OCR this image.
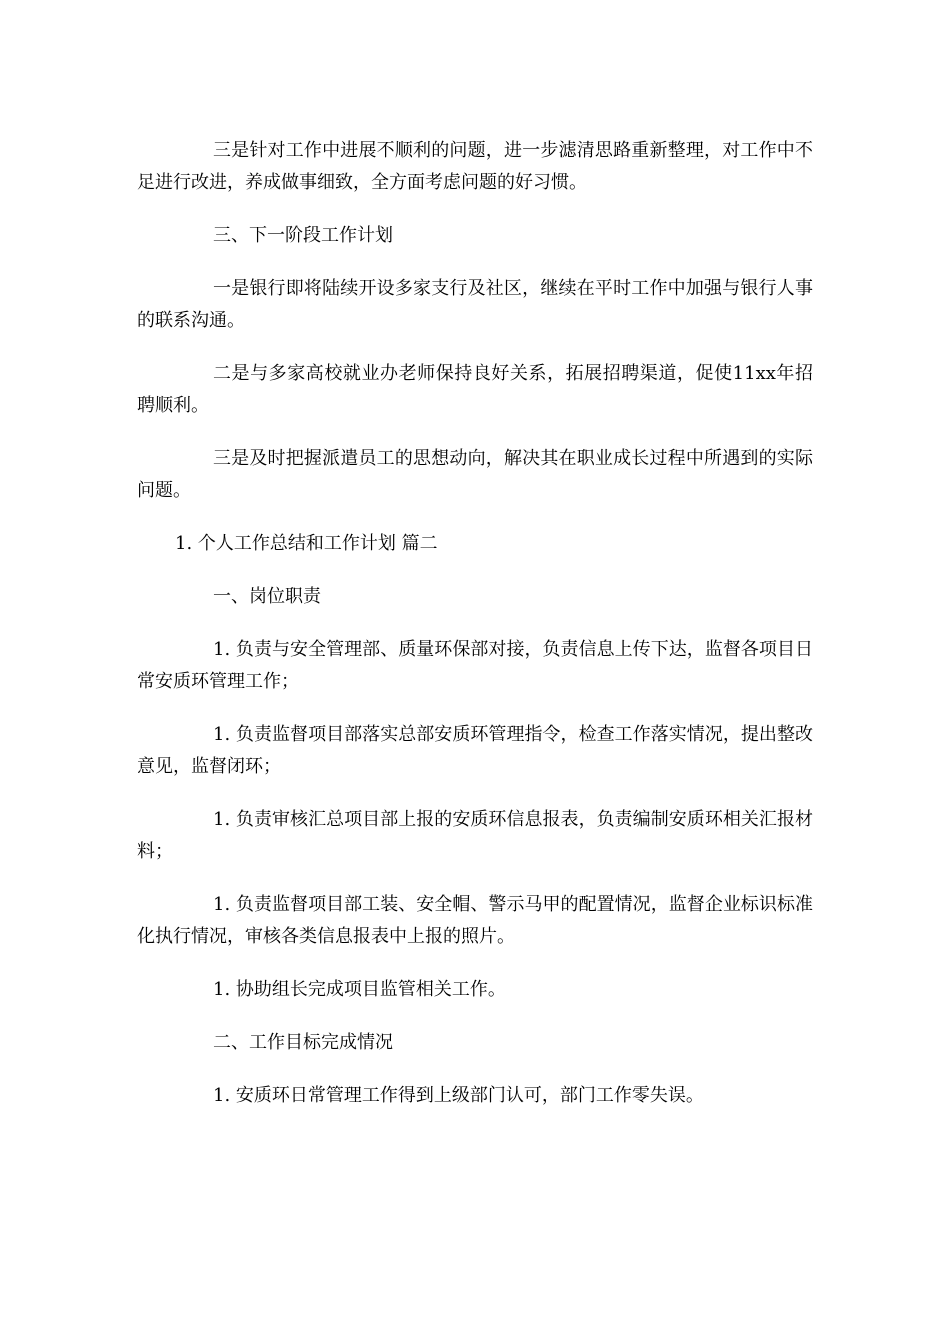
三是针对工作中进展不顺利的问题，进一步滤清思路重新整理，对工作中不足进行改进，养成做事细致，全方面考虑问题的好习惯。

三、下一阶段工作计划

一是银行即将陆续开设多家支行及社区，继续在平时工作中加强与银行人事的联系沟通。

二是与多家高校就业办老师保持良好关系，拓展招聘渠道，促使11xx年招聘顺利。

三是及时把握派遣员工的思想动向，解决其在职业成长过程中所遇到的实际问题。

1. 个人工作总结和工作计划 篇二

一、岗位职责

1. 负责与安全管理部、质量环保部对接，负责信息上传下达，监督各项目日常安质环管理工作；

1. 负责监督项目部落实总部安质环管理指令，检查工作落实情况，提出整改意见，监督闭环；

1. 负责审核汇总项目部上报的安质环信息报表，负责编制安质环相关汇报材料；

1. 负责监督项目部工装、安全帽、警示马甲的配置情况，监督企业标识标准化执行情况，审核各类信息报表中上报的照片。

1. 协助组长完成项目监管相关工作。

二、工作目标完成情况

1. 安质环日常管理工作得到上级部门认可，部门工作零失误。
